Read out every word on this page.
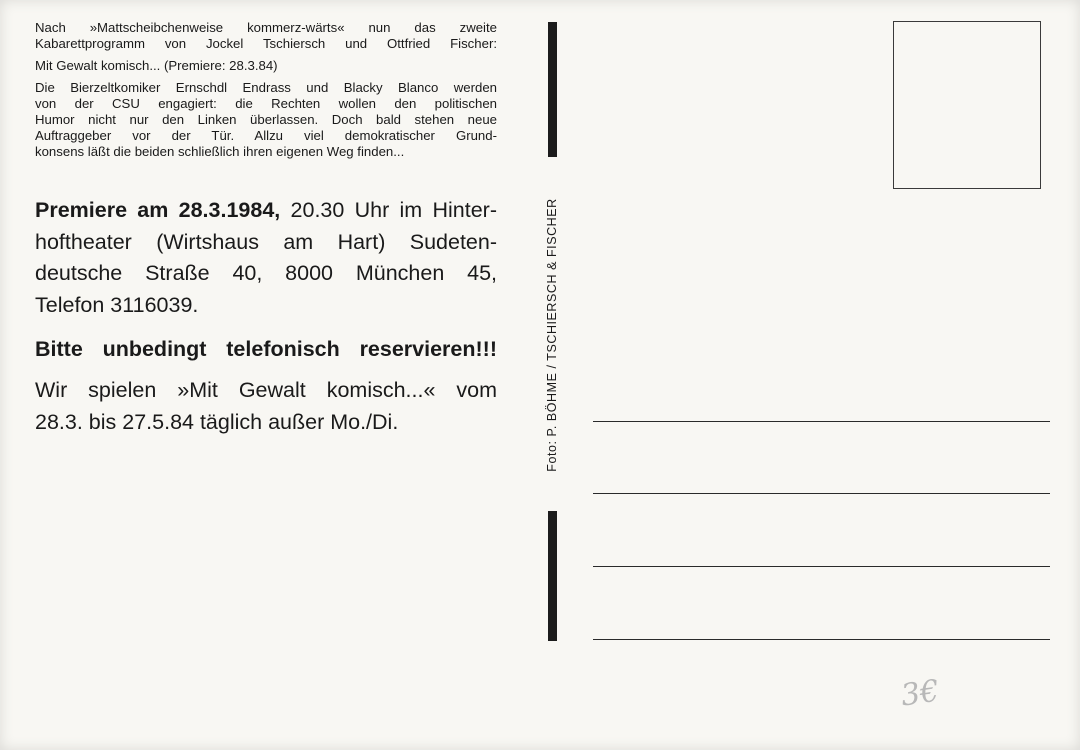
Nach »Mattscheibchenweise kommerz-wärts« nun das zweite

Kabarettprogramm von Jockel Tschiersch und Ottfried Fischer:

Mit Gewalt komisch... (Premiere: 28.3.84)

Die Bierzeltkomiker Ernschdl Endrass und Blacky Blanco werden

von der CSU engagiert: die Rechten wollen den politischen

Humor nicht nur den Linken überlassen. Doch bald stehen neue

Auftraggeber vor der Tür. Allzu viel demokratischer Grund-

konsens läßt die beiden schließlich ihren eigenen Weg finden...

Premiere am 28.3.1984, 20.30 Uhr im Hinter-

hoftheater (Wirtshaus am Hart) Sudeten-

deutsche Straße 40, 8000 München 45,

Telefon 3116039.

Bitte unbedingt telefonisch reservieren!!!

Wir spielen »Mit Gewalt komisch...« vom

28.3. bis 27.5.84 täglich außer Mo./Di.	Foto: P. BÖHME / TSCHIERSCH & FISCHER
3€
